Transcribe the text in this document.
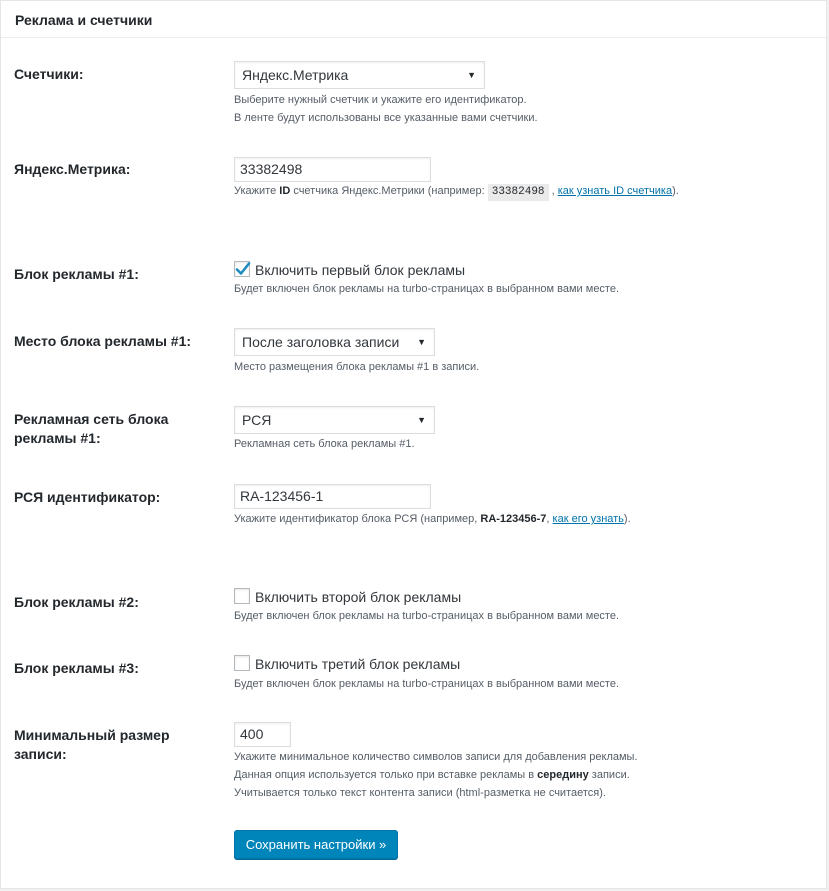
Реклама и счетчики
Счетчики:	Яндекс.Метрика	▼
Выберите нужный счетчик и укажите его идентификатор.
В ленте будут использованы все указанные вами счетчики.
Яндекс.Метрика:	33382498
Укажите ID счетчика Яндекс.Метрики (например: 33382498 , как узнать ID счетчика).
Блок рекламы #1:	Включить первый блок рекламы
Будет включен блок рекламы на turbo-страницах в выбранном вами месте.
Место блока рекламы #1:	После заголовка записи ▼
Место размещения блока рекламы #1 в записи.
Рекламная сеть блока рекламы #1:
РСЯ	▼
Рекламная сеть блока рекламы #1.
РСЯ идентификатор:	RA-123456-1
Укажите идентификатор блока РСЯ (например, RA-123456-7, как его узнать).
Блок рекламы #2:	Включить второй блок рекламы
Будет включен блок рекламы на turbo-страницах в выбранном вами месте.
Блок рекламы #3:	Включить третий блок рекламы
Будет включен блок рекламы на turbo-страницах в выбранном вами месте.
Минимальный размер записи:
400
Укажите минимальное количество символов записи для добавления рекламы.
Данная опция используется только при вставке рекламы в середину записи.
Учитывается только текст контента записи (html-разметка не считается).
Сохранить настройки »
